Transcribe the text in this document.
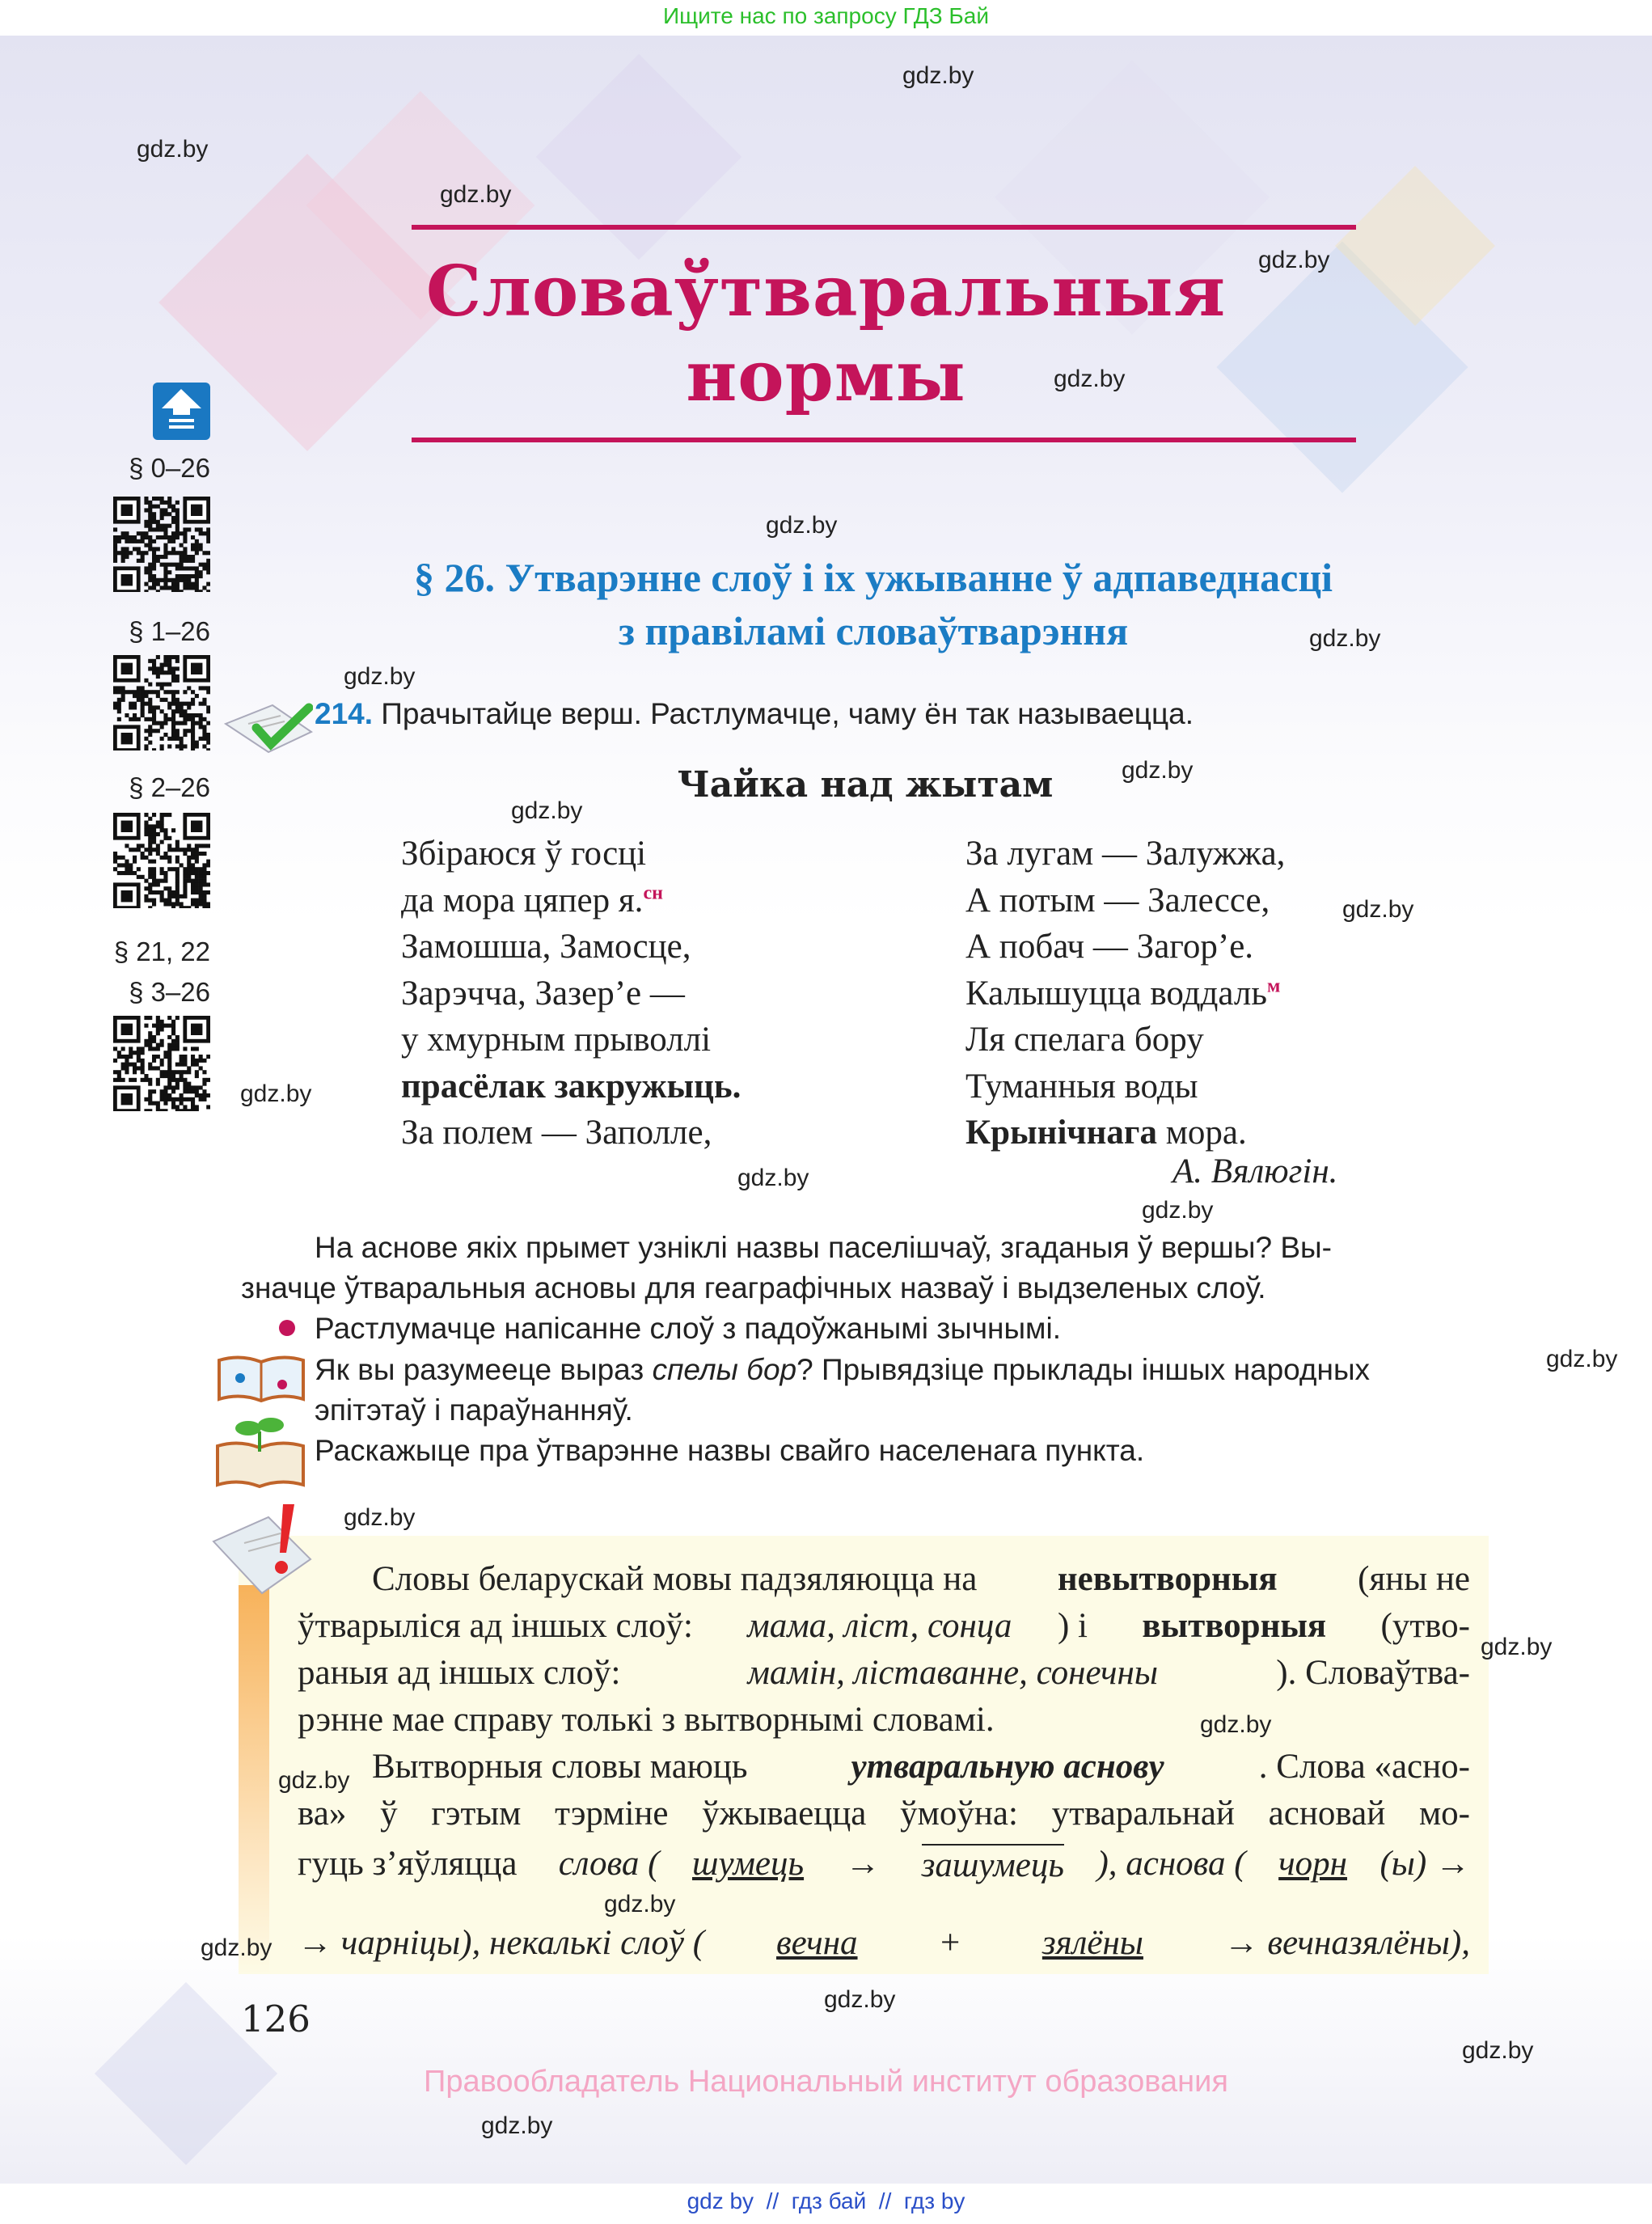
Ищите нас по запросу ГДЗ Бай
Словаўтваральныя
нормы
§ 0–26
§ 1–26
§ 2–26
§ 21, 22
§ 3–26
§ 26. Утварэнне слоў і іх ужыванне ў адпаведнасці
з правіламі словаўтварэння
214. Прачытайце верш. Растлумачце, чаму ён так называецца.
Чайка над жытам
Збіраюся ў госці
да мора цяпер я.$^{сн}$
Замошша, Замосце,
Зарэчча, Зазер’е —
у хмурным прыволлі
прасёлак закружыць.
За полем — Заполле,
За лугам — Залужжа,
А потым — Залессе,
А побач — Загор’е.
Калышуцца воддаль$^м$
Ля спелага бору
Туманныя воды
Крынічнага мора.
А. Вялюгін.
На аснове якіх прымет узніклі назвы паселішчаў, згаданыя ў вершы? Вы-
значце ўтваральныя асновы для геаграфічных назваў і выдзеленых слоў.
Растлумачце напісанне слоў з падоўжанымі зычнымі.
Як вы разумееце выраз спелы бор? Прывядзіце прыклады іншых народных
эпітэтаў і параўнанняў.
Раскажыце пра ўтварэнне назвы свайго населенага пункта.
Словы беларускай мовы падзяляюцца на невытворныя (яны не
ўтварыліся ад іншых слоў: мама, ліст, сонца ) і вытворныя (утво-
раныя ад іншых слоў:	мамін, ліставанне, сонечны	). Словаўтва-
рэнне мае справу толькі з вытворнымі словамі.
Вытворныя словы маюць	утваральную аснову	. Слова «асно-
ва» ў гэтым тэрміне ўжываецца ўмоўна: утваральнай асновай мо-
гуць з’яўляцца слова ( шумець → зашумець ), аснова ( чорн (ы) →
→ чарніцы), некалькі слоў ( вечна + зялёны → вечназялёны),
126
Правообладатель Национальный институт образования
gdz by  //  гдз бай  //  гдз by
gdz.by
gdz.by
gdz.by
gdz.by
gdz.by
gdz.by
gdz.by
gdz.by
gdz.by
gdz.by
gdz.by
gdz.by
gdz.by
gdz.by
gdz.by
gdz.by
gdz.by
gdz.by
gdz.by
gdz.by
gdz.by
gdz.by
gdz.by
gdz.by
